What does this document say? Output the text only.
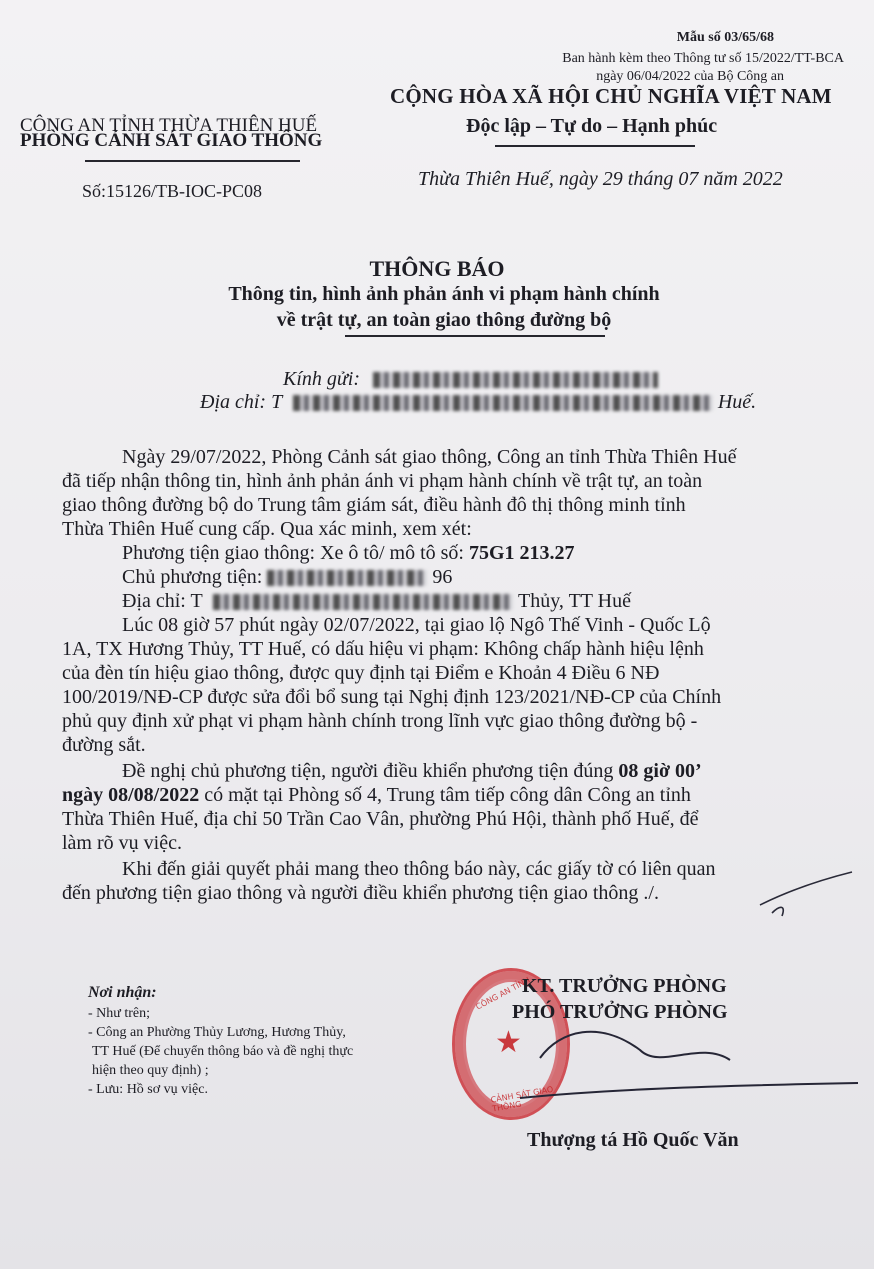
Mẫu số 03/65/68
Ban hành kèm theo Thông tư số 15/2022/TT-BCA
ngày 06/04/2022 của Bộ Công an
CÔNG AN TỈNH THỪA THIÊN HUẾ
PHÒNG CẢNH SÁT GIAO THÔNG
CỘNG HÒA XÃ HỘI CHỦ NGHĨA VIỆT NAM
Độc lập – Tự do – Hạnh phúc
Số:15126/TB-IOC-PC08
Thừa Thiên Huế, ngày 29 tháng 07 năm 2022
THÔNG BÁO
Thông tin, hình ảnh phản ánh vi phạm hành chính
về trật tự, an toàn giao thông đường bộ
Kính gửi:
Địa chỉ: T	Huế.
Ngày 29/07/2022, Phòng Cảnh sát giao thông, Công an tỉnh Thừa Thiên Huế
đã tiếp nhận thông tin, hình ảnh phản ánh vi phạm hành chính về trật tự, an toàn
giao thông đường bộ do Trung tâm giám sát, điều hành đô thị thông minh tỉnh
Thừa Thiên Huế cung cấp. Qua xác minh, xem xét:
Phương tiện giao thông: Xe ô tô/ mô tô số: 75G1 213.27
Chủ phương tiện:	96
Địa chỉ: T	Thủy, TT Huế
Lúc 08 giờ 57 phút ngày 02/07/2022, tại giao lộ Ngô Thế Vinh - Quốc Lộ
1A, TX Hương Thủy, TT Huế, có dấu hiệu vi phạm: Không chấp hành hiệu lệnh
của đèn tín hiệu giao thông, được quy định tại Điểm e Khoản 4 Điều 6 NĐ
100/2019/NĐ-CP được sửa đổi bổ sung tại Nghị định 123/2021/NĐ-CP của Chính
phủ quy định xử phạt vi phạm hành chính trong lĩnh vực giao thông đường bộ -
đường sắt.
Đề nghị chủ phương tiện, người điều khiển phương tiện đúng 08 giờ 00’
ngày 08/08/2022 có mặt tại Phòng số 4, Trung tâm tiếp công dân Công an tỉnh
Thừa Thiên Huế, địa chỉ 50 Trần Cao Vân, phường Phú Hội, thành phố Huế, để
làm rõ vụ việc.
Khi đến giải quyết phải mang theo thông báo này, các giấy tờ có liên quan
đến phương tiện giao thông và người điều khiển phương tiện giao thông ./.
Nơi nhận:
- Như trên;
- Công an Phường Thủy Lương, Hương Thủy,
TT Huế (Để chuyển thông báo và đề nghị thực
hiện theo quy định) ;
- Lưu: Hồ sơ vụ việc.
CÔNG AN TỈNH
★
CẢNH SÁT GIAO THÔNG
KT. TRƯỞNG PHÒNG
PHÓ TRƯỞNG PHÒNG
Thượng tá Hồ Quốc Văn
